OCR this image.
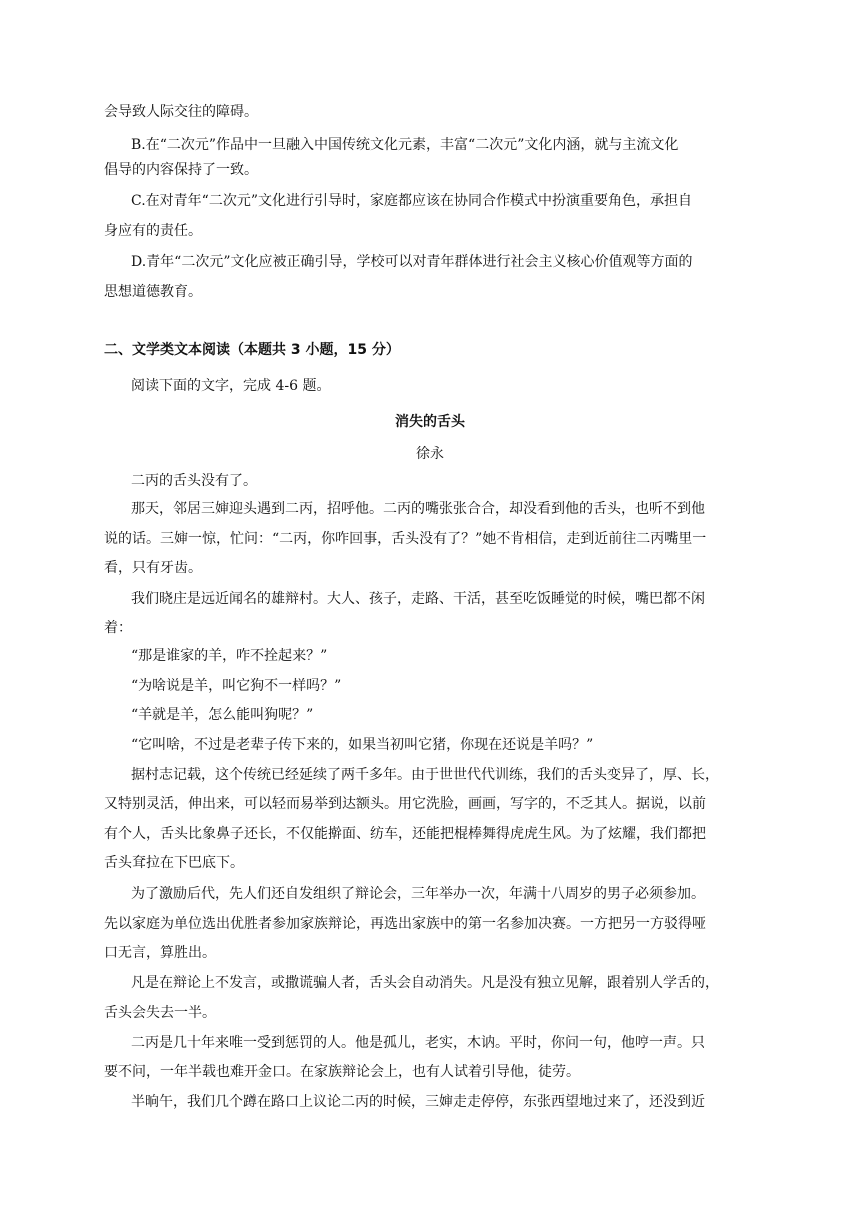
会导致人际交往的障碍。
B.在“二次元”作品中一旦融入中国传统文化元素，丰富“二次元”文化内涵，就与主流文化
倡导的内容保持了一致。
C.在对青年“二次元”文化进行引导时，家庭都应该在协同合作模式中扮演重要角色，承担自
身应有的责任。
D.青年“二次元”文化应被正确引导，学校可以对青年群体进行社会主义核心价值观等方面的
思想道德教育。
二、文学类文本阅读（本题共 3 小题，15 分）
阅读下面的文字，完成 4-6 题。
消失的舌头
徐永
二丙的舌头没有了。
那天，邻居三婶迎头遇到二丙，招呼他。二丙的嘴张张合合，却没看到他的舌头，也听不到他
说的话。三婶一惊，忙问：“二丙，你咋回事，舌头没有了？”她不肯相信，走到近前往二丙嘴里一
看，只有牙齿。
我们晓庄是远近闻名的雄辩村。大人、孩子，走路、干活，甚至吃饭睡觉的时候，嘴巴都不闲
着：
“那是谁家的羊，咋不拴起来？”
“为啥说是羊，叫它狗不一样吗？”
“羊就是羊，怎么能叫狗呢？”
“它叫啥，不过是老辈子传下来的，如果当初叫它猪，你现在还说是羊吗？”
据村志记载，这个传统已经延续了两千多年。由于世世代代训练，我们的舌头变异了，厚、长，
又特别灵活，伸出来，可以轻而易举到达额头。用它洗脸，画画，写字的，不乏其人。据说，以前
有个人，舌头比象鼻子还长，不仅能擀面、纺车，还能把棍棒舞得虎虎生风。为了炫耀，我们都把
舌头耷拉在下巴底下。
为了激励后代，先人们还自发组织了辩论会，三年举办一次，年满十八周岁的男子必须参加。
先以家庭为单位选出优胜者参加家族辩论，再选出家族中的第一名参加决赛。一方把另一方驳得哑
口无言，算胜出。
凡是在辩论上不发言，或撒谎骗人者，舌头会自动消失。凡是没有独立见解，跟着别人学舌的，
舌头会失去一半。
二丙是几十年来唯一受到惩罚的人。他是孤儿，老实，木讷。平时，你问一句，他哼一声。只
要不问，一年半载也难开金口。在家族辩论会上，也有人试着引导他，徒劳。
半晌午，我们几个蹲在路口上议论二丙的时候，三婶走走停停，东张西望地过来了，还没到近
